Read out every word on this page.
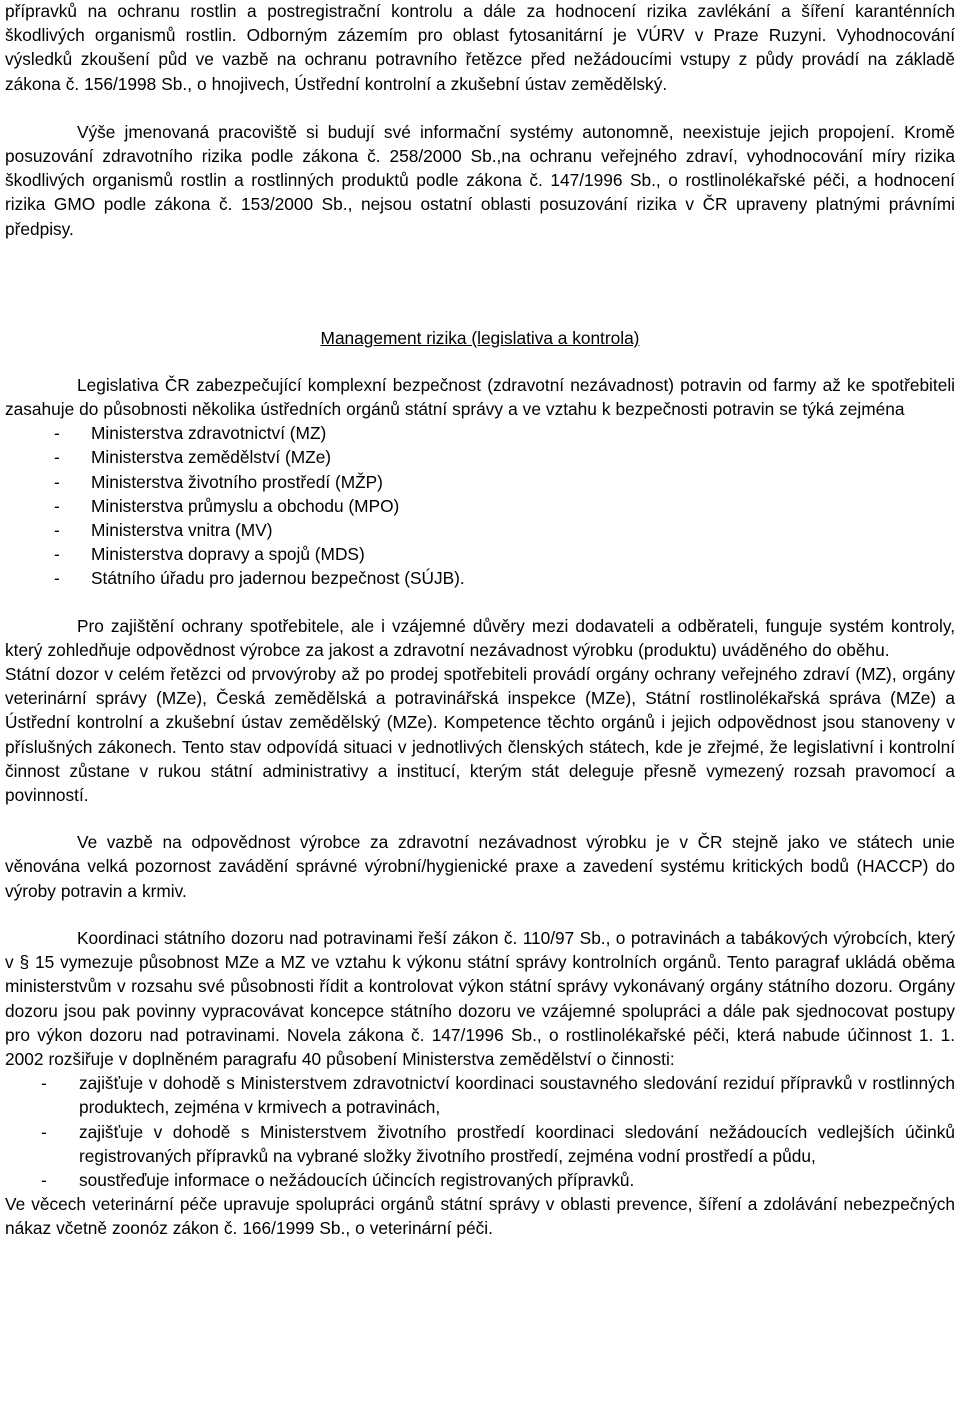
přípravků na ochranu rostlin a postregistrační kontrolu a dále za hodnocení rizika zavlékání a šíření karanténních škodlivých organismů rostlin. Odborným zázemím pro oblast fytosanitární je VÚRV v Praze Ruzyni. Vyhodnocování výsledků zkoušení půd ve vazbě na ochranu potravního řetězce před nežádoucími vstupy z půdy provádí na základě zákona č. 156/1998 Sb., o hnojivech, Ústřední kontrolní a zkušební ústav zemědělský.

Výše jmenovaná pracoviště si budují své informační systémy autonomně, neexistuje jejich propojení. Kromě posuzování zdravotního rizika podle zákona č. 258/2000 Sb.,na ochranu veřejného zdraví, vyhodnocování míry rizika škodlivých organismů rostlin a rostlinných produktů podle zákona č. 147/1996 Sb., o rostlinolékařské péči, a hodnocení rizika GMO podle zákona č. 153/2000 Sb., nejsou ostatní oblasti posuzování rizika v ČR upraveny platnými právními předpisy.

Management rizika (legislativa a kontrola)

Legislativa ČR zabezpečující komplexní bezpečnost (zdravotní nezávadnost) potravin od farmy až ke spotřebiteli zasahuje do působnosti několika ústředních orgánů státní správy a ve vztahu k bezpečnosti potravin se týká zejména

- Ministerstva zdravotnictví (MZ)
- Ministerstva zemědělství (MZe)
- Ministerstva životního prostředí (MŽP)
- Ministerstva průmyslu a obchodu (MPO)
- Ministerstva vnitra (MV)
- Ministerstva dopravy a spojů (MDS)
- Státního úřadu pro jadernou bezpečnost (SÚJB).

Pro zajištění ochrany spotřebitele, ale i vzájemné důvěry mezi dodavateli a odběrateli, funguje systém kontroly, který zohledňuje odpovědnost výrobce za jakost a zdravotní nezávadnost výrobku (produktu) uváděného do oběhu.

Státní dozor v celém řetězci od prvovýroby až po prodej spotřebiteli provádí orgány ochrany veřejného zdraví (MZ), orgány veterinární správy (MZe), Česká zemědělská a potravinářská inspekce (MZe), Státní rostlinolékařská správa (MZe) a Ústřední kontrolní a zkušební ústav zemědělský (MZe). Kompetence těchto orgánů i jejich odpovědnost jsou stanoveny v příslušných zákonech. Tento stav odpovídá situaci v jednotlivých členských státech, kde je zřejmé, že legislativní i kontrolní činnost zůstane v rukou státní administrativy a institucí, kterým stát deleguje přesně vymezený rozsah pravomocí a povinností.

Ve vazbě na odpovědnost výrobce za zdravotní nezávadnost výrobku je v ČR stejně jako ve státech unie věnována velká pozornost zavádění správné výrobní/hygienické praxe a zavedení systému kritických bodů (HACCP) do výroby potravin a krmiv.

Koordinaci státního dozoru nad potravinami řeší zákon č. 110/97 Sb., o potravinách a tabákových výrobcích, který v § 15 vymezuje působnost MZe a MZ ve vztahu k výkonu státní správy kontrolních orgánů. Tento paragraf ukládá oběma ministerstvům v rozsahu své působnosti řídit a kontrolovat výkon státní správy vykonávaný orgány státního dozoru. Orgány dozoru jsou pak povinny vypracovávat koncepce státního dozoru ve vzájemné spolupráci a dále pak sjednocovat postupy pro výkon dozoru nad potravinami. Novela zákona č. 147/1996 Sb., o rostlinolékařské péči, která nabude účinnost 1. 1. 2002 rozšiřuje v doplněném paragrafu 40 působení Ministerstva zemědělství o činnosti:

- zajišťuje v dohodě s Ministerstvem zdravotnictví koordinaci soustavného sledování reziduí přípravků v rostlinných produktech, zejména v krmivech a potravinách,
- zajišťuje v dohodě s Ministerstvem životního prostředí koordinaci sledování nežádoucích vedlejších účinků registrovaných přípravků na vybrané složky životního prostředí, zejména vodní prostředí a půdu,
- soustřeďuje informace o nežádoucích účincích registrovaných přípravků.

Ve věcech veterinární péče upravuje spolupráci orgánů státní správy v oblasti prevence, šíření a zdolávání nebezpečných nákaz včetně zoonóz zákon č. 166/1999 Sb., o veterinární péči.
